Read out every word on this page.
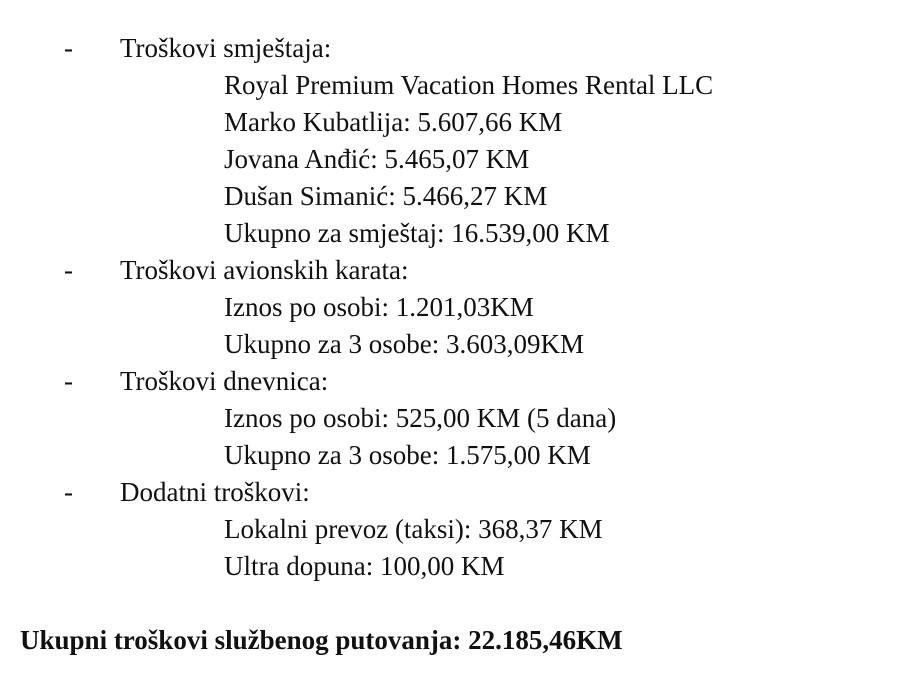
- Troškovi smještaja:
Royal Premium Vacation Homes Rental LLC
Marko Kubatlija: 5.607,66 KM
Jovana Anđić: 5.465,07 KM
Dušan Simanić: 5.466,27 KM
Ukupno za smještaj: 16.539,00 KM
- Troškovi avionskih karata:
Iznos po osobi: 1.201,03KM
Ukupno za 3 osobe: 3.603,09KM
- Troškovi dnevnica:
Iznos po osobi: 525,00 KM (5 dana)
Ukupno za 3 osobe: 1.575,00 KM
- Dodatni troškovi:
Lokalni prevoz (taksi): 368,37 KM
Ultra dopuna: 100,00 KM
Ukupni troškovi službenog putovanja: 22.185,46KM
